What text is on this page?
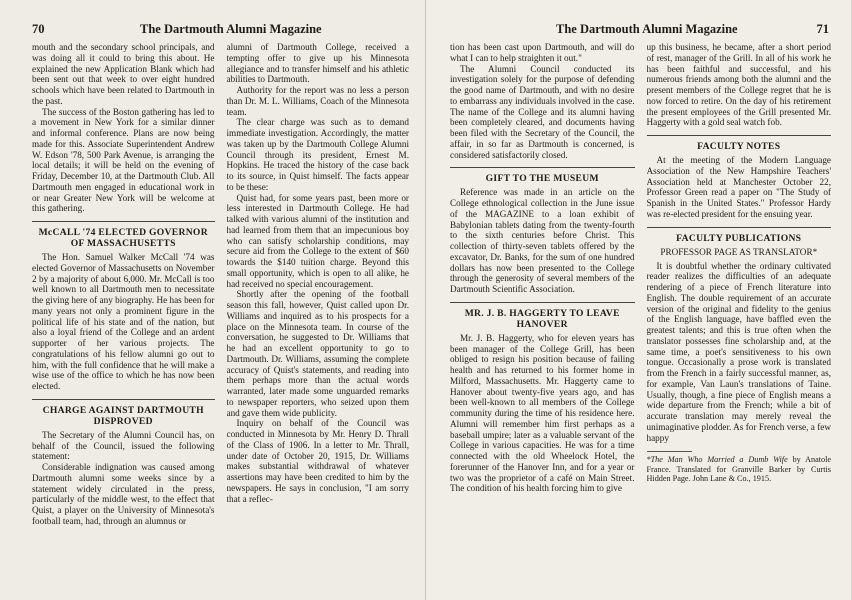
70	The Dartmouth Alumni Magazine

mouth and the secondary school principals, and was doing all it could to bring this about. He explained the new Application Blank which had been sent out that week to over eight hundred schools which have been related to Dartmouth in the past.

The success of the Boston gathering has led to a movement in New York for a similar dinner and informal conference. Plans are now being made for this. Associate Superintendent Andrew W. Edson '78, 500 Park Avenue, is arranging the local details; it will be held on the evening of Friday, December 10, at the Dartmouth Club. All Dartmouth men engaged in educational work in or near Greater New York will be welcome at this gathering.

McCALL '74 ELECTED GOVERNOR OF MASSACHUSETTS

The Hon. Samuel Walker McCall '74 was elected Governor of Massachusetts on November 2 by a majority of about 6,000. Mr. McCall is too well known to all Dartmouth men to necessitate the giving here of any biography. He has been for many years not only a prominent figure in the political life of his state and of the nation, but also a loyal friend of the College and an ardent supporter of her various projects. The congratulations of his fellow alumni go out to him, with the full confidence that he will make a wise use of the office to which he has now been elected.

CHARGE AGAINST DARTMOUTH DISPROVED

The Secretary of the Alumni Council has, on behalf of the Council, issued the following statement:

Considerable indignation was caused among Dartmouth alumni some weeks since by a statement widely circulated in the press, particularly of the middle west, to the effect that Quist, a player on the University of Minnesota's football team, had, through an alumnus or

alumni of Dartmouth College, received a tempting offer to give up his Minnesota allegiance and to transfer himself and his athletic abilities to Dartmouth.

Authority for the report was no less a person than Dr. M. L. Williams, Coach of the Minnesota team.

The clear charge was such as to demand immediate investigation. Accordingly, the matter was taken up by the Dartmouth College Alumni Council through its president, Ernest M. Hopkins. He traced the history of the case back to its source, in Quist himself. The facts appear to be these:

Quist had, for some years past, been more or less interested in Dartmouth College. He had talked with various alumni of the institution and had learned from them that an impecunious boy who can satisfy scholarship conditions, may secure aid from the College to the extent of $60 towards the $140 tuition charge. Beyond this small opportunity, which is open to all alike, he had received no special encouragement.

Shortly after the opening of the football season this fall, however, Quist called upon Dr. Williams and inquired as to his prospects for a place on the Minnesota team. In course of the conversation, he suggested to Dr. Williams that he had an excellent opportunity to go to Dartmouth. Dr. Williams, assuming the complete accuracy of Quist's statements, and reading into them perhaps more than the actual words warranted, later made some unguarded remarks to newspaper reporters, who seized upon them and gave them wide publicity.

Inquiry on behalf of the Council was conducted in Minnesota by Mr. Henry D. Thrall of the Class of 1906. In a letter to Mr. Thrall, under date of October 20, 1915, Dr. Williams makes substantial withdrawal of whatever assertions may have been credited to him by the newspapers. He says in conclusion, "I am sorry that a reflec-

The Dartmouth Alumni Magazine	71

tion has been cast upon Dartmouth, and will do what I can to help straighten it out."

The Alumni Council conducted its investigation solely for the purpose of defending the good name of Dartmouth, and with no desire to embarrass any individuals involved in the case. The name of the College and its alumni having been completely cleared, and documents having been filed with the Secretary of the Council, the affair, in so far as Dartmouth is concerned, is considered satisfactorily closed.

GIFT TO THE MUSEUM

Reference was made in an article on the College ethnological collection in the June issue of the MAGAZINE to a loan exhibit of Babylonian tablets dating from the twenty-fourth to the sixth centuries before Christ. This collection of thirty-seven tablets offered by the excavator, Dr. Banks, for the sum of one hundred dollars has now been presented to the College through the generosity of several members of the Dartmouth Scientific Association.

MR. J. B. HAGGERTY TO LEAVE HANOVER

Mr. J. B. Haggerty, who for eleven years has been manager of the College Grill, has been obliged to resign his position because of failing health and has returned to his former home in Milford, Massachusetts. Mr. Haggerty came to Hanover about twenty-five years ago, and has been well-known to all members of the College community during the time of his residence here. Alumni will remember him first perhaps as a baseball umpire; later as a valuable servant of the College in various capacities. He was for a time connected with the old Wheelock Hotel, the forerunner of the Hanover Inn, and for a year or two was the proprietor of a café on Main Street. The condition of his health forcing him to give

up this business, he became, after a short period of rest, manager of the Grill. In all of his work he has been faithful and successful, and his numerous friends among both the alumni and the present members of the College regret that he is now forced to retire. On the day of his retirement the present employees of the Grill presented Mr. Haggerty with a gold seal watch fob.

FACULTY NOTES

At the meeting of the Modern Language Association of the New Hampshire Teachers' Association held at Manchester October 22, Professor Green read a paper on "The Study of Spanish in the United States." Professor Hardy was re-elected president for the ensuing year.

FACULTY PUBLICATIONS
PROFESSOR PAGE AS TRANSLATOR*

It is doubtful whether the ordinary cultivated reader realizes the difficulties of an adequate rendering of a piece of French literature into English. The double requirement of an accurate version of the original and fidelity to the genius of the English language, have baffled even the greatest talents; and this is true often when the translator possesses fine scholarship and, at the same time, a poet's sensitiveness to his own tongue. Occasionally a prose work is translated from the French in a fairly successful manner, as, for example, Van Laun's translations of Taine. Usually, though, a fine piece of English means a wide departure from the French; while a bit of accurate translation may merely reveal the unimaginative plodder. As for French verse, a few happy

*The Man Who Married a Dumb Wife by Anatole France. Translated for Granville Barker by Curtis Hidden Page. John Lane & Co., 1915.
